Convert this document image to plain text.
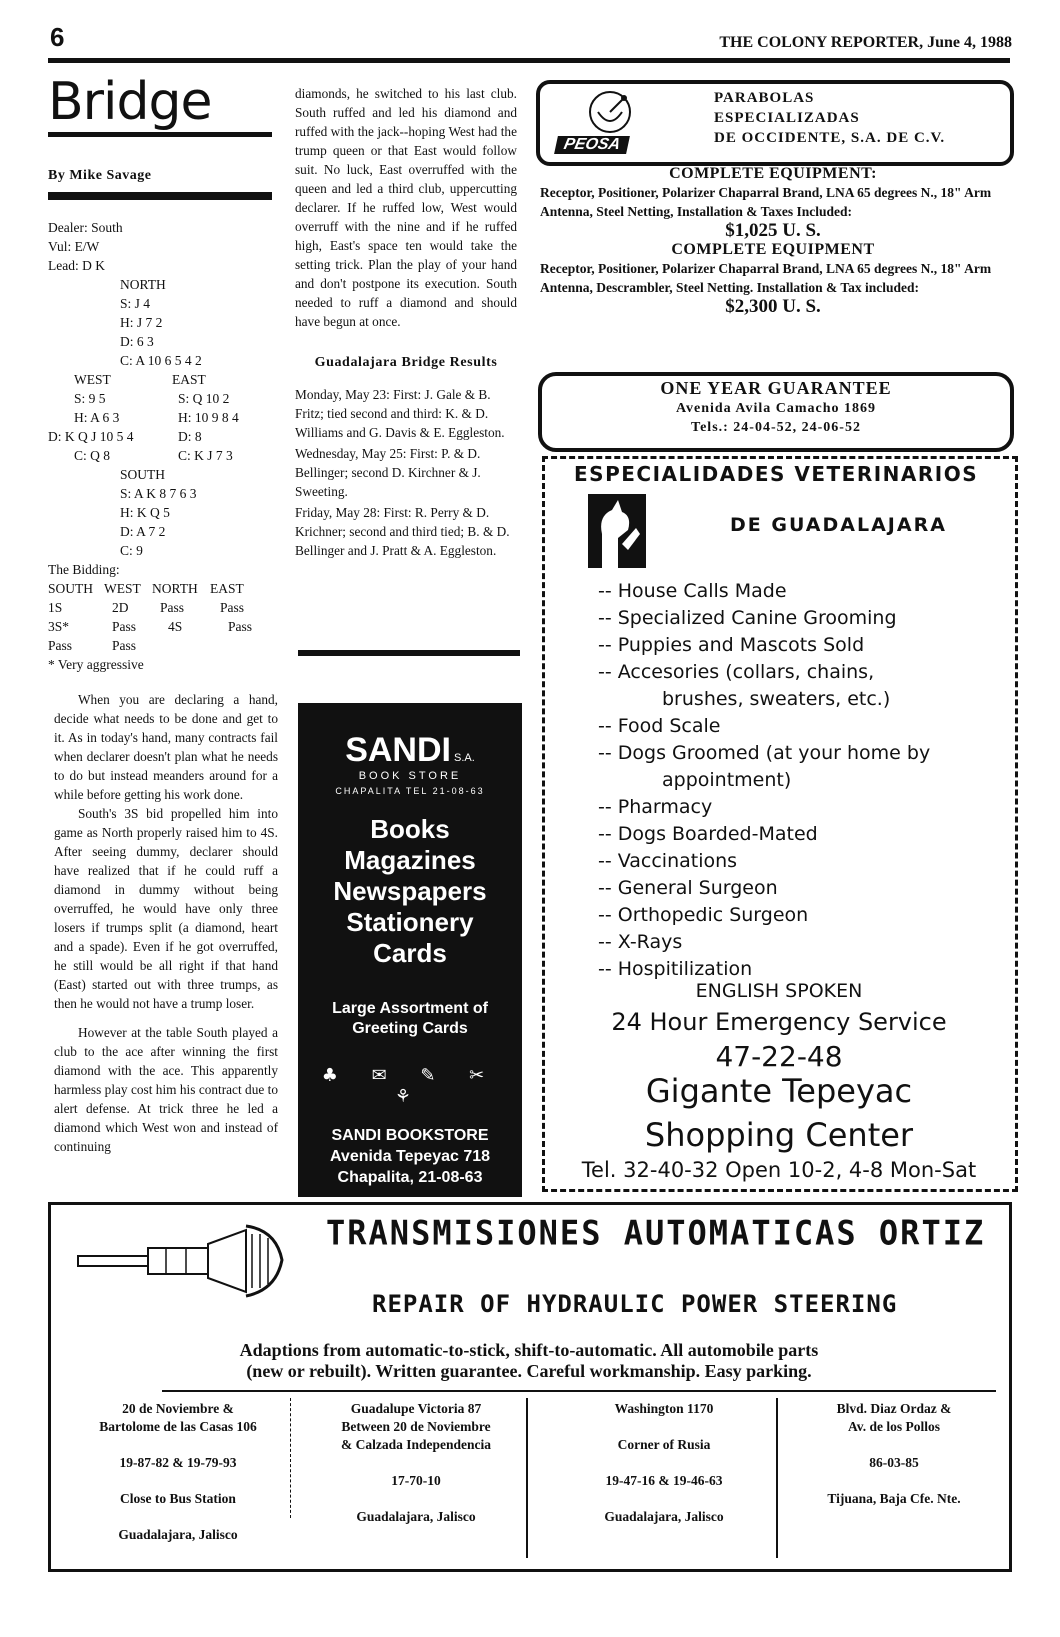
6	THE COLONY REPORTER, June 4, 1988
Bridge
By Mike Savage
Dealer: South
Vul: E/W
Lead: D K
NORTH
S: J 4
H: J 7 2
D: 6 3
C: A 10 6 5 4 2
WEST	EAST
S: 9 5	S: Q 10 2
H: A 6 3	H: 10 9 8 4
D: K Q J 10 5 4	D: 8
C: Q 8	C: K J 7 3
SOUTH
S: A K 8 7 6 3
H: K Q 5
D: A 7 2
C: 9
The Bidding:
SOUTH WEST NORTH EAST
1S	2D	Pass	Pass
3S*	Pass	4S	Pass
Pass	Pass
* Very aggressive

When you are declaring a hand, decide what needs to be done and get to it. As in today's hand, many contracts fail when declarer doesn't plan what he needs to do but instead meanders around for a while before getting his work done.

South's 3S bid propelled him into game as North properly raised him to 4S. After seeing dummy, declarer should have realized that if he could ruff a diamond in dummy without being overruffed, he would have only three losers if trumps split (a diamond, heart and a spade). Even if he got overruffed, he still would be all right if that hand (East) started out with three trumps, as then he would not have a trump loser.

However at the table South played a club to the ace after winning the first diamond with the ace. This apparently harmless play cost him his contract due to alert defense. At trick three he led a diamond which West won and instead of continuing

diamonds, he switched to his last club. South ruffed and led his diamond and ruffed with the jack--hoping West had the trump queen or that East would follow suit. No luck, East overruffed with the queen and led a third club, uppercutting declarer. If he ruffed low, West would overruff with the nine and if he ruffed high, East's space ten would take the setting trick. Plan the play of your hand and don't postpone its execution. South needed to ruff a diamond and should have begun at once.
Guadalajara Bridge Results
Monday, May 23: First: J. Gale & B. Fritz; tied second and third: K. & D. Williams and G. Davis & E. Eggleston.
Wednesday, May 25: First: P. & D. Bellinger; second D. Kirchner & J. Sweeting.
Friday, May 28: First: R. Perry & D. Krichner; second and third tied; B. & D. Bellinger and J. Pratt & A. Eggleston.
SANDI S.A.
BOOK STORE
CHAPALITA TEL 21-08-63
Books
Magazines
Newspapers
Stationery
Cards
Large Assortment of Greeting Cards
♣ ✉ ✎ ✂ ⚘
SANDI BOOKSTORE
Avenida Tepeyac 718
Chapalita, 21-08-63
PEOSA
PARABOLAS
ESPECIALIZADAS
DE OCCIDENTE, S.A. DE C.V.
COMPLETE EQUIPMENT:
Receptor, Positioner, Polarizer Chaparral Brand, LNA 65 degrees N., 18" Arm Antenna, Steel Netting, Installation & Taxes Included:
$1,025 U. S.
COMPLETE EQUIPMENT
Receptor, Positioner, Polarizer Chaparral Brand, LNA 65 degrees N., 18" Arm Antenna, Descrambler, Steel Netting. Installation & Tax included:
$2,300 U. S.
ONE YEAR GUARANTEE
Avenida Avila Camacho 1869
Tels.: 24-04-52, 24-06-52
ESPECIALIDADES VETERINARIOS
DE GUADALAJARA
-- House Calls Made
-- Specialized Canine Grooming
-- Puppies and Mascots Sold
-- Accesories (collars, chains,
brushes, sweaters, etc.)
-- Food Scale
-- Dogs Groomed (at your home by
appointment)
-- Pharmacy
-- Dogs Boarded-Mated
-- Vaccinations
-- General Surgeon
-- Orthopedic Surgeon
-- X-Rays
-- Hospitilization
ENGLISH SPOKEN
24 Hour Emergency Service
47-22-48
Gigante Tepeyac
Shopping Center
Tel. 32-40-32 Open 10-2, 4-8 Mon-Sat
TRANSMISIONES AUTOMATICAS ORTIZ
REPAIR OF HYDRAULIC POWER STEERING
Adaptions from automatic-to-stick, shift-to-automatic. All automobile parts
(new or rebuilt). Written guarantee. Careful workmanship. Easy parking.
20 de Noviembre &
Bartolome de las Casas 106
19-87-82 & 19-79-93
Close to Bus Station
Guadalajara, Jalisco
Guadalupe Victoria 87
Between 20 de Noviembre
& Calzada Independencia
17-70-10
Guadalajara, Jalisco
Washington 1170
Corner of Rusia
19-47-16 & 19-46-63
Guadalajara, Jalisco
Blvd. Diaz Ordaz &
Av. de los Pollos
86-03-85
Tijuana, Baja Cfe. Nte.
